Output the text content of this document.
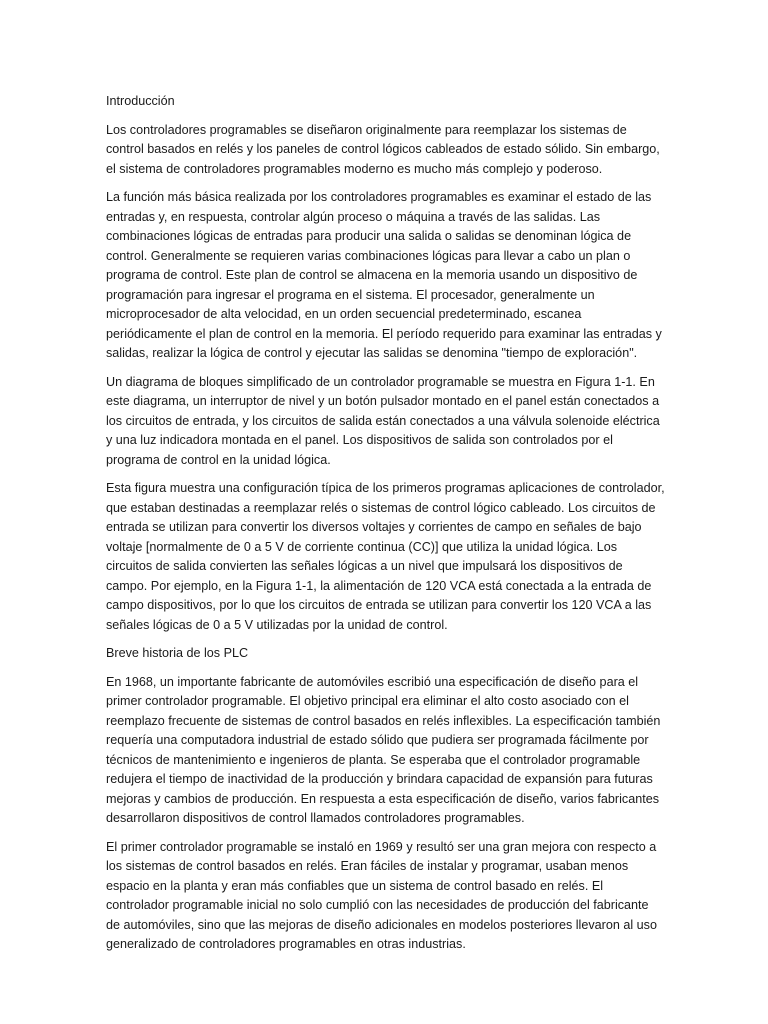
Introducción

Los controladores programables se diseñaron originalmente para reemplazar los sistemas de control basados en relés y los paneles de control lógicos cableados de estado sólido. Sin embargo, el sistema de controladores programables moderno es mucho más complejo y poderoso.

La función más básica realizada por los controladores programables es examinar el estado de las entradas y, en respuesta, controlar algún proceso o máquina a través de las salidas. Las combinaciones lógicas de entradas para producir una salida o salidas se denominan lógica de control. Generalmente se requieren varias combinaciones lógicas para llevar a cabo un plan o programa de control. Este plan de control se almacena en la memoria usando un dispositivo de programación para ingresar el programa en el sistema. El procesador, generalmente un microprocesador de alta velocidad, en un orden secuencial predeterminado, escanea periódicamente el plan de control en la memoria. El período requerido para examinar las entradas y salidas, realizar la lógica de control y ejecutar las salidas se denomina "tiempo de exploración".

Un diagrama de bloques simplificado de un controlador programable se muestra en Figura 1-1. En este diagrama, un interruptor de nivel y un botón pulsador montado en el panel están conectados a los circuitos de entrada, y los circuitos de salida están conectados a una válvula solenoide eléctrica y una luz indicadora montada en el panel. Los dispositivos de salida son controlados por el programa de control en la unidad lógica.

Esta figura muestra una configuración típica de los primeros programas aplicaciones de controlador, que estaban destinadas a reemplazar relés o sistemas de control lógico cableado. Los circuitos de entrada se utilizan para convertir los diversos voltajes y corrientes de campo en señales de bajo voltaje [normalmente de 0 a 5 V de corriente continua (CC)] que utiliza la unidad lógica. Los circuitos de salida convierten las señales lógicas a un nivel que impulsará los dispositivos de campo. Por ejemplo, en la Figura 1-1, la alimentación de 120 VCA está conectada a la entrada de campo dispositivos, por lo que los circuitos de entrada se utilizan para convertir los 120 VCA a las señales lógicas de 0 a 5 V utilizadas por la unidad de control.

Breve historia de los PLC

En 1968, un importante fabricante de automóviles escribió una especificación de diseño para el primer controlador programable. El objetivo principal era eliminar el alto costo asociado con el reemplazo frecuente de sistemas de control basados en relés inflexibles. La especificación también requería una computadora industrial de estado sólido que pudiera ser programada fácilmente por técnicos de mantenimiento e ingenieros de planta. Se esperaba que el controlador programable redujera el tiempo de inactividad de la producción y brindara capacidad de expansión para futuras mejoras y cambios de producción. En respuesta a esta especificación de diseño, varios fabricantes desarrollaron dispositivos de control llamados controladores programables.

El primer controlador programable se instaló en 1969 y resultó ser una gran mejora con respecto a los sistemas de control basados en relés. Eran fáciles de instalar y programar, usaban menos espacio en la planta y eran más confiables que un sistema de control basado en relés. El controlador programable inicial no solo cumplió con las necesidades de producción del fabricante de automóviles, sino que las mejoras de diseño adicionales en modelos posteriores llevaron al uso generalizado de controladores programables en otras industrias.
